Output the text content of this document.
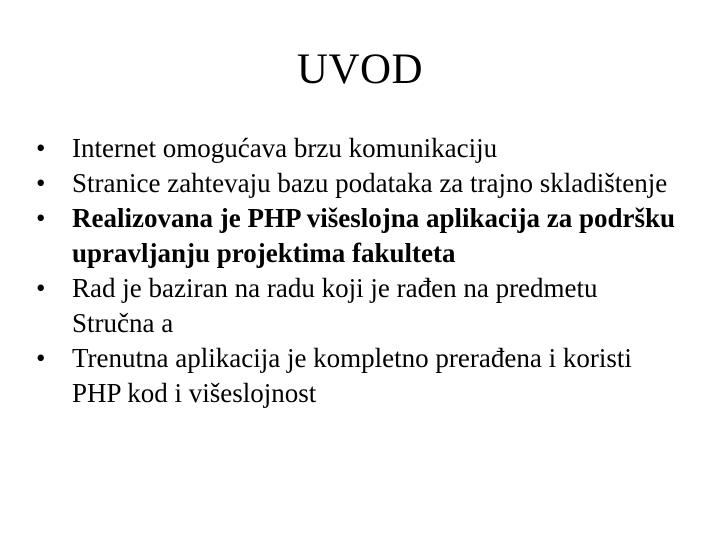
UVOD
• Internet omogućava brzu komunikaciju
• Stranice zahtevaju bazu podataka za trajno skladištenje
• Realizovana je PHP višeslojna aplikacija za podršku upravljanju projektima fakulteta
• Rad je baziran na radu koji je rađen na predmetu Stručna a
• Trenutna aplikacija je kompletno prerađena i koristi PHP kod i višeslojnost
